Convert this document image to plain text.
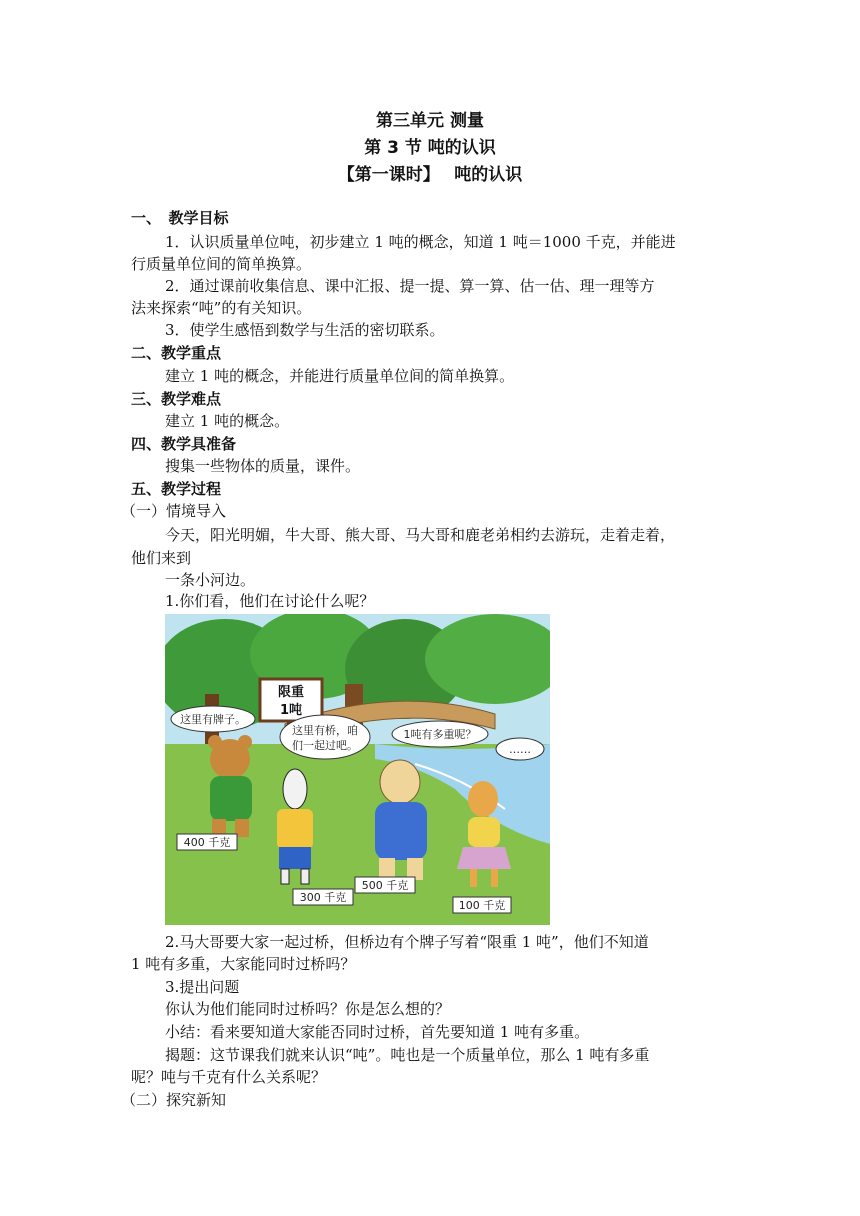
第三单元 测量
第 3 节 吨的认识
【第一课时】　 吨的认识
一、　教学目标
1．认识质量单位吨，初步建立 1 吨的概念，知道 1 吨＝1000 千克，并能进
行质量单位间的简单换算。
2．通过课前收集信息、课中汇报、提一提、算一算、估一估、理一理等方
法来探索“吨”的有关知识。
3．使学生感悟到数学与生活的密切联系。
二、教学重点
建立 1 吨的概念，并能进行质量单位间的简单换算。
三、教学难点
建立 1 吨的概念。
四、教学具准备
搜集一些物体的质量，课件。
五、教学过程
（一）情境导入
今天，阳光明媚，牛大哥、熊大哥、马大哥和鹿老弟相约去游玩，走着走着，
他们来到
一条小河边。
1.你们看，他们在讨论什么呢？
限重
1吨
这里有牌子。
这里有桥，咱
们一起过吧。
1吨有多重呢？
……
400 千克
300 千克
500 千克
100 千克
2.马大哥要大家一起过桥，但桥边有个牌子写着“限重 1 吨”，他们不知道
1 吨有多重，大家能同时过桥吗？
3.提出问题
你认为他们能同时过桥吗？你是怎么想的？
小结：看来要知道大家能否同时过桥，首先要知道 1 吨有多重。
揭题：这节课我们就来认识“吨”。吨也是一个质量单位，那么 1 吨有多重
呢？吨与千克有什么关系呢？
（二）探究新知
